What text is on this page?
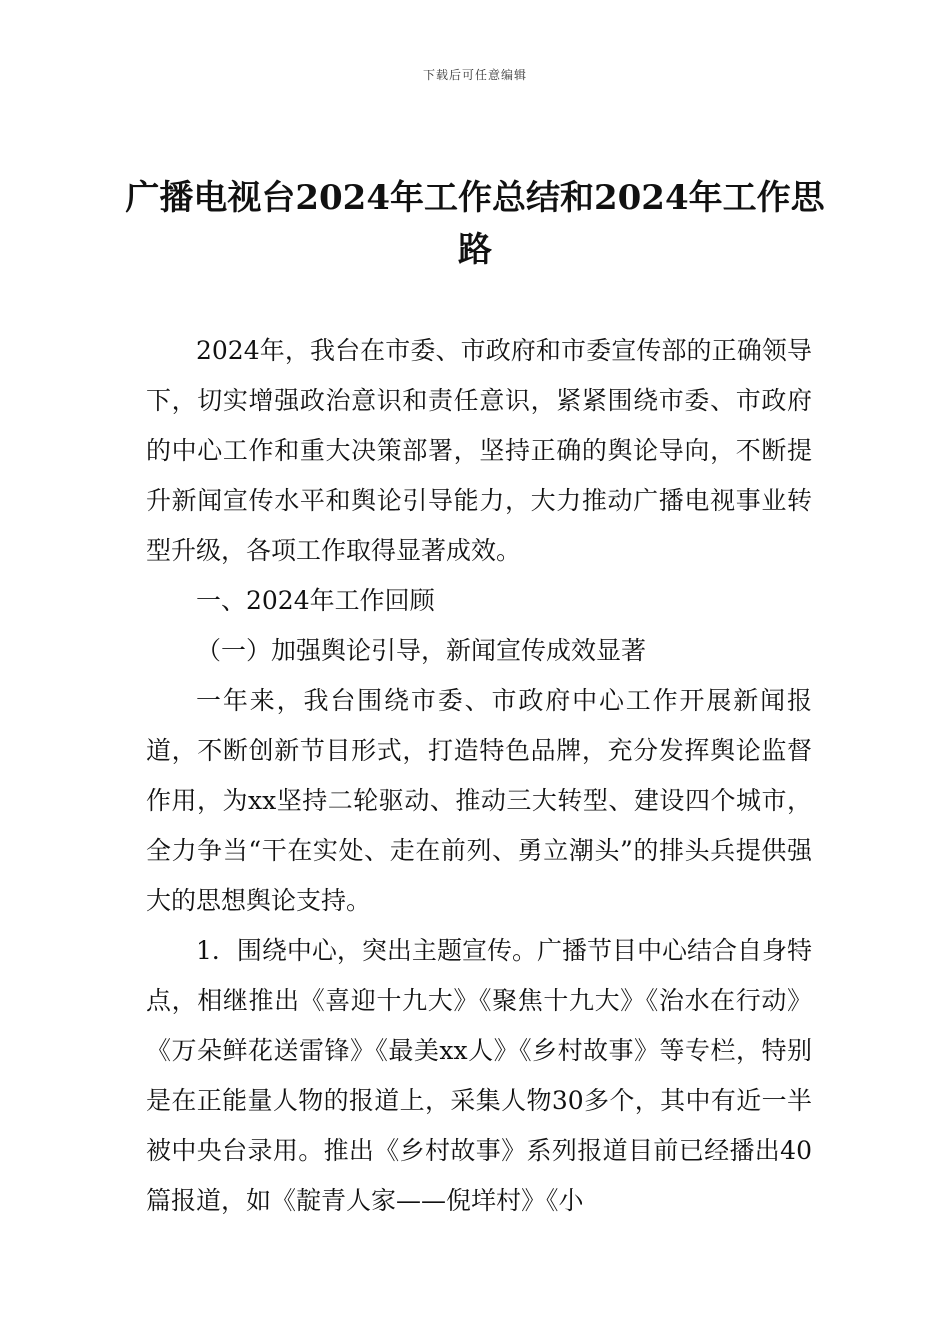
下载后可任意编辑
广播电视台2024年工作总结和2024年工作思路

2024年，我台在市委、市政府和市委宣传部的正确领导下，切实增强政治意识和责任意识，紧紧围绕市委、市政府的中心工作和重大决策部署，坚持正确的舆论导向，不断提升新闻宣传水平和舆论引导能力，大力推动广播电视事业转型升级，各项工作取得显著成效。

一、2024年工作回顾

（一）加强舆论引导，新闻宣传成效显著

一年来，我台围绕市委、市政府中心工作开展新闻报道，不断创新节目形式，打造特色品牌，充分发挥舆论监督作用，为xx坚持二轮驱动、推动三大转型、建设四个城市，全力争当“干在实处、走在前列、勇立潮头”的排头兵提供强大的思想舆论支持。

1．围绕中心，突出主题宣传。广播节目中心结合自身特点，相继推出《喜迎十九大》《聚焦十九大》《治水在行动》《万朵鲜花送雷锋》《最美xx人》《乡村故事》等专栏，特别是在正能量人物的报道上，采集人物30多个，其中有近一半被中央台录用。推出《乡村故事》系列报道目前已经播出40篇报道，如《靛青人家——倪垟村》《小
